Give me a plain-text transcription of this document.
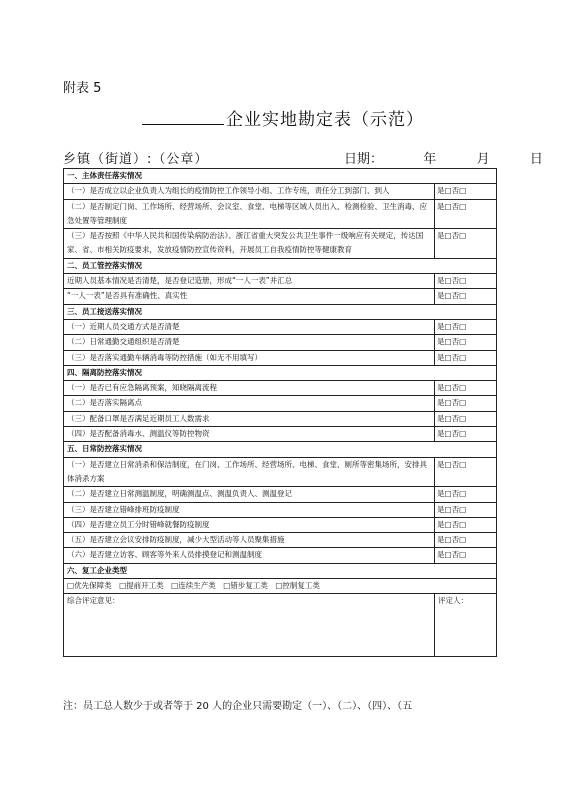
附表 5
企业实地勘定表（示范）
乡镇（街道）:（公章）	日期：	年	月	日
一、主体责任落实情况	
（一）是否成立以企业负责人为组长的疫情防控工作领导小组、工作专班，责任分工到部门、到人	是□否□
（二）是否制定门岗、工作场所、经营场所、会议室、食堂、电梯等区域人员出入、检测检验、卫生消毒、应急处置等管理制度	是□否□
（三）是否按照《中华人民共和国传染病防治法》、浙江省重大突发公共卫生事件一级响应有关规定，传达国家、省、市相关防疫要求，发放疫情防控宣传资料，开展员工自我疫情防控等健康教育	是□否□
二、员工管控落实情况	
近期人员基本情况是否清楚，是否登记造册，形成“一人一表”并汇总	是□否□
“一人一表”是否具有准确性、真实性	是□否□
三、员工接送落实情况	
（一）近期人员交通方式是否清楚	是□否□
（二）日常通勤交通组织是否清楚	是□否□
（三）是否落实通勤车辆消毒等防控措施（如无不用填写）	是□否□
四、隔离防控落实情况	
（一）是否已有应急隔离预案，知晓隔离流程	是□否□
（二）是否落实隔离点	是□否□
（三）配备口罩是否满足近期员工人数需求	是□否□
（四）是否配备消毒水、测温仪等防控物资	是□否□
五、日常防控落实情况	
（一）是否建立日常消杀和保洁制度，在门岗、工作场所、经营场所、电梯、食堂、厕所等密集场所，安排具体消杀方案	是□否□
（二）是否建立日常测温制度，明确测温点、测温负责人、测温登记	是□否□
（三）是否建立错峰排班防疫制度	是□否□
（四）是否建立员工分时错峰就餐防疫制度	是□否□
（五）是否建立会议安排防疫制度，减少大型活动等人员聚集措施	是□否□
（六）是否建立访客、顾客等外来人员排摸登记和测温制度	是□否□
六、复工企业类型	
□优先保障类　□提前开工类　□连续生产类　□错步复工类　□控制复工类	
综合评定意见：	评定人：
注：员工总人数少于或者等于 20 人的企业只需要勘定（一）、（二）、（四）、（五
